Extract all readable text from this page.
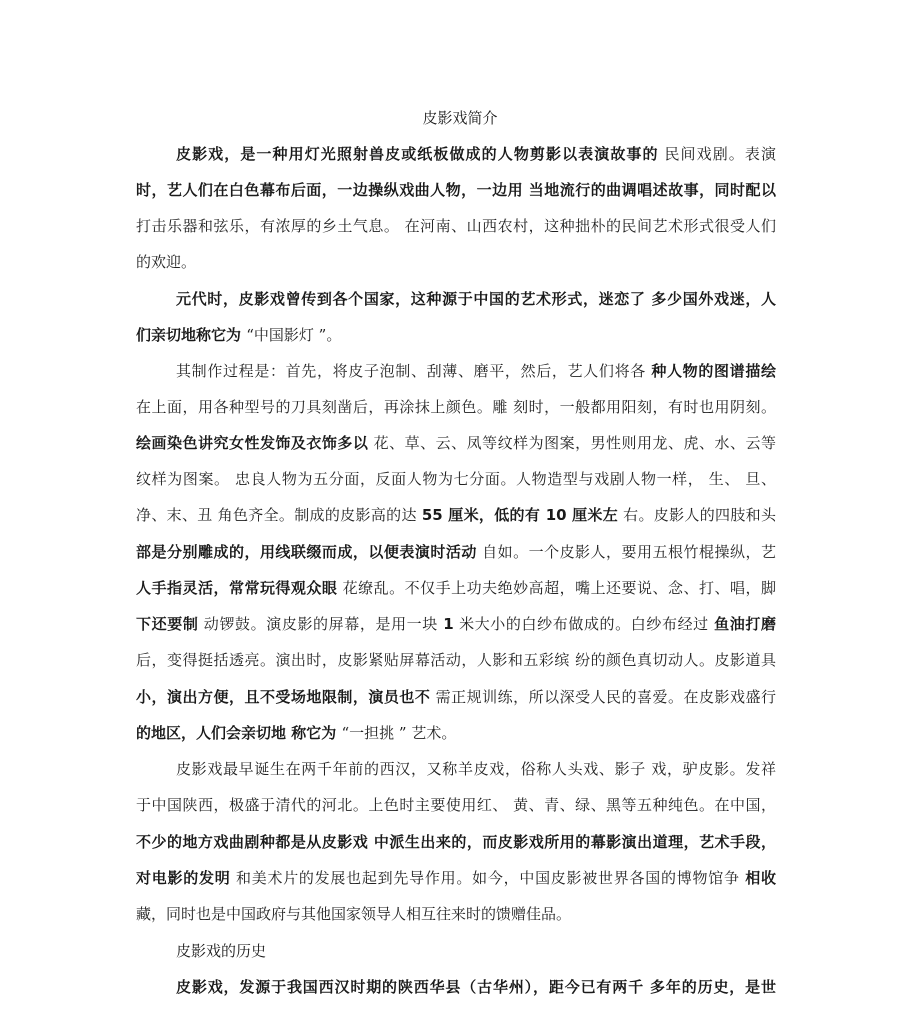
皮影戏简介
皮影戏，是一种用灯光照射兽皮或纸板做成的人物剪影以表演故事的 民间戏剧。表演
时，艺人们在白色幕布后面，一边操纵戏曲人物，一边用 当地流行的曲调唱述故事，同时配以
打击乐器和弦乐，有浓厚的乡土气息。 在河南、山西农村，这种拙朴的民间艺术形式很受人们
的欢迎。
元代时，皮影戏曾传到各个国家，这种源于中国的艺术形式，迷恋了 多少国外戏迷，人
们亲切地称它为 “中国影灯 ”。
其制作过程是：首先，将皮子泡制、刮薄、磨平，然后，艺人们将各 种人物的图谱描绘
在上面，用各种型号的刀具刻凿后，再涂抹上颜色。雕 刻时，一般都用阳刻，有时也用阴刻。
绘画染色讲究女性发饰及衣饰多以 花、草、云、凤等纹样为图案，男性则用龙、虎、水、云等
纹样为图案。 忠良人物为五分面，反面人物为七分面。人物造型与戏剧人物一样， 生、 旦、
净、末、丑 角色齐全。制成的皮影高的达 55 厘米，低的有 10 厘米左 右。皮影人的四肢和头
部是分别雕成的，用线联缀而成，以便表演时活动 自如。一个皮影人，要用五根竹棍操纵，艺
人手指灵活，常常玩得观众眼 花缭乱。不仅手上功夫绝妙高超，嘴上还要说、念、打、唱，脚
下还要制 动锣鼓。演皮影的屏幕，是用一块 1 米大小的白纱布做成的。白纱布经过 鱼油打磨
后，变得挺括透亮。演出时，皮影紧贴屏幕活动，人影和五彩缤 纷的颜色真切动人。皮影道具
小，演出方便，且不受场地限制，演员也不 需正规训练，所以深受人民的喜爱。在皮影戏盛行
的地区，人们会亲切地 称它为 “一担挑 ” 艺术。
皮影戏最早诞生在两千年前的西汉，又称羊皮戏，俗称人头戏、影子 戏，驴皮影。发祥
于中国陕西，极盛于清代的河北。上色时主要使用红、 黄、青、绿、黑等五种纯色。在中国，
不少的地方戏曲剧种都是从皮影戏 中派生出来的，而皮影戏所用的幕影演出道理，艺术手段，
对电影的发明 和美术片的发展也起到先导作用。如今，中国皮影被世界各国的博物馆争 相收
藏，同时也是中国政府与其他国家领导人相互往来时的馈赠佳品。
皮影戏的历史
皮影戏，发源于我国西汉时期的陕西华县（古华州），距今已有两千 多年的历史，是世
